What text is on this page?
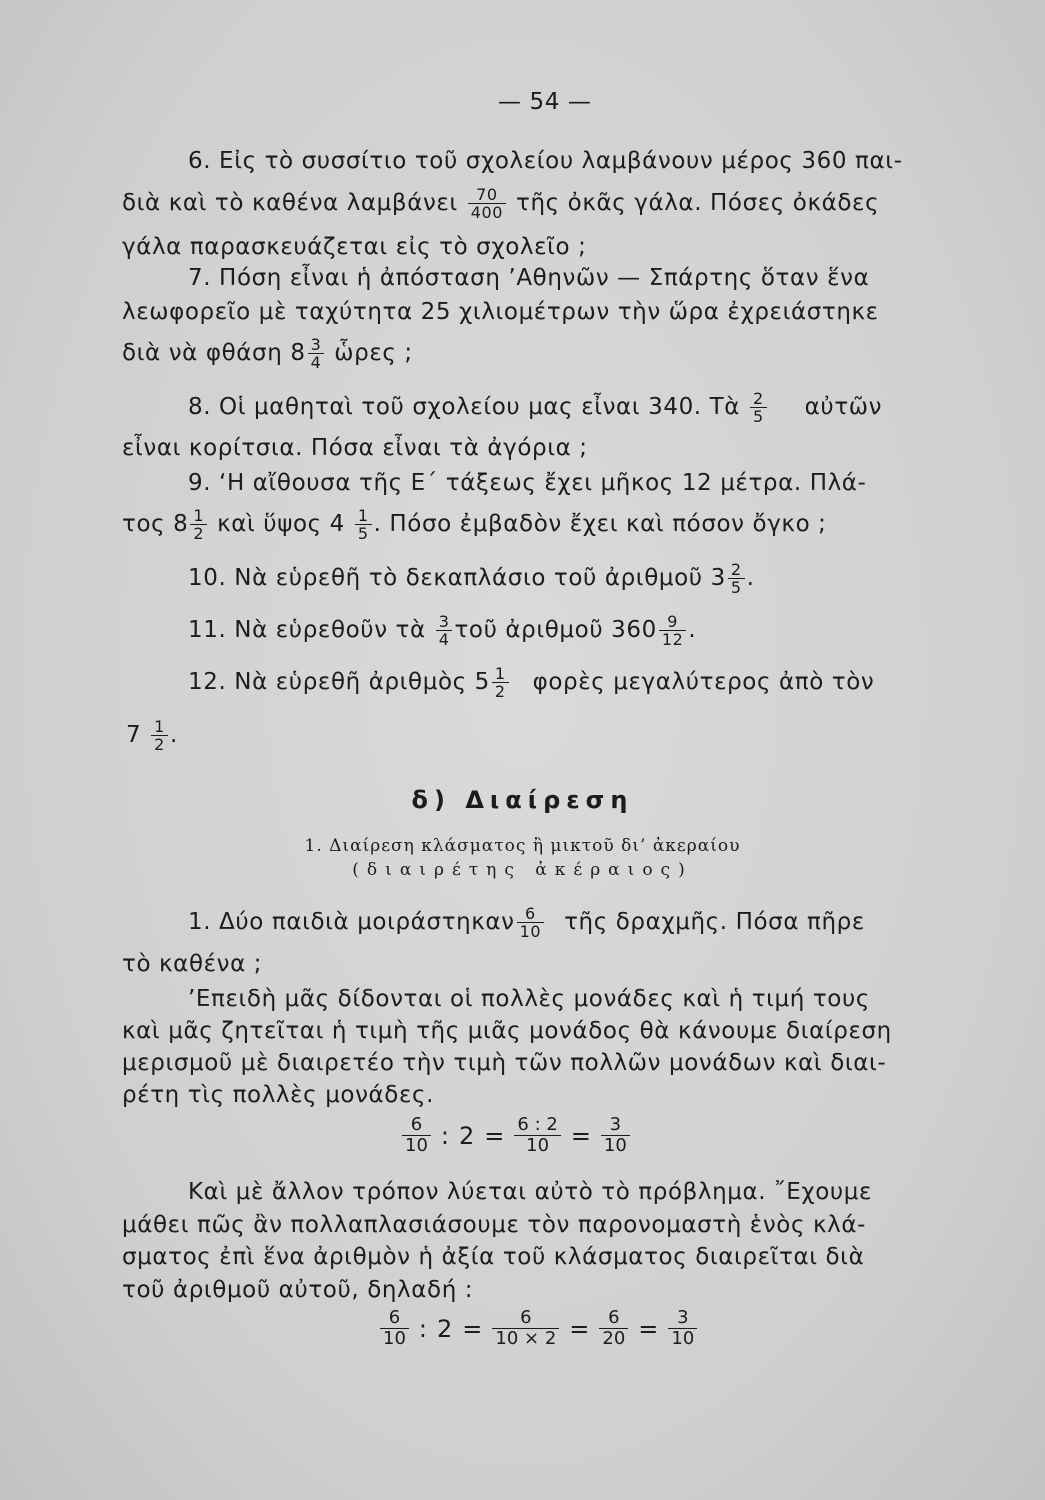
— 54 —
6. Εἰς τὸ συσσίτιο τοῦ σχολείου λαμβάνουν μέρος 360 παι-
διὰ καὶ τὸ καθένα λαμβάνει $\frac{70}{400}$ τῆς ὀκᾶς γάλα. Πόσες ὀκάδες
γάλα παρασκευάζεται εἰς τὸ σχολεῖο ;
7. Πόση εἶναι ἡ ἀπόσταση ’Αθηνῶν — Σπάρτης ὅταν ἕνα
λεωφορεῖο μὲ ταχύτητα 25 χιλιομέτρων τὴν ὥρα ἐχρειάστηκε
διὰ νὰ φθάση $8 \frac{3}{4}$ ὧρες ;
8. Οἱ μαθηταὶ τοῦ σχολείου μας εἶναι 340. Τὰ $\frac{2}{5}$ αὐτῶν
εἶναι κορίτσια. Πόσα εἶναι τὰ ἀγόρια ;
9. ‘Η αἴθουσα τῆς Ε΄ τάξεως ἔχει μῆκος 12 μέτρα. Πλά-
τος $8 \frac{1}{2}$ καὶ ὕψος $4 \frac{1}{5}$ . Πόσο ἐμβαδὸν ἔχει καὶ πόσον ὄγκο ;
10. Νὰ εὑρεθῆ τὸ δεκαπλάσιο τοῦ ἀριθμοῦ $3 \frac{2}{5}$ .
11. Νὰ εὑρεθοῦν τὰ $\frac{3}{4}$ τοῦ ἀριθμοῦ $360 \frac{9}{12}$ .
12. Νὰ εὑρεθῆ ἀριθμὸς $5 \frac{1}{2}$ φορὲς μεγαλύτερος ἀπὸ τὸν
$7 \frac{1}{2}$ .
δ) Διαίρεση
1. Διαίρεση κλάσματος ἢ μικτοῦ δι’ ἀκεραίου
(διαιρέτης ἀκέραιος)
1. Δύο παιδιὰ μοιράστηκαν $\frac{6}{10}$ τῆς δραχμῆς. Πόσα πῆρε
τὸ καθένα ;
’Επειδὴ μᾶς δίδονται οἱ πολλὲς μονάδες καὶ ἡ τιμή τους
καὶ μᾶς ζητεῖται ἡ τιμὴ τῆς μιᾶς μονάδος θὰ κάνουμε διαίρεση
μερισμοῦ μὲ διαιρετέο τὴν τιμὴ τῶν πολλῶν μονάδων καὶ διαι-
ρέτη τὶς πολλὲς μονάδες.
$\frac{6}{10}$ : $2 = \frac{6 : 2}{10} = \frac{3}{10}$
Καὶ μὲ ἄλλον τρόπον λύεται αὐτὸ τὸ πρόβλημα. ῎Εχουμε
μάθει πῶς ἂν πολλαπλασιάσουμε τὸν παρονομαστὴ ἑνὸς κλά-
σματος ἐπὶ ἕνα ἀριθμὸν ἡ ἀξία τοῦ κλάσματος διαιρεῖται διὰ
τοῦ ἀριθμοῦ αὐτοῦ, δηλαδή :
$\frac{6}{10}$ : $2 = \frac{6}{10 \times 2} = \frac{6}{20} = \frac{3}{10}$
